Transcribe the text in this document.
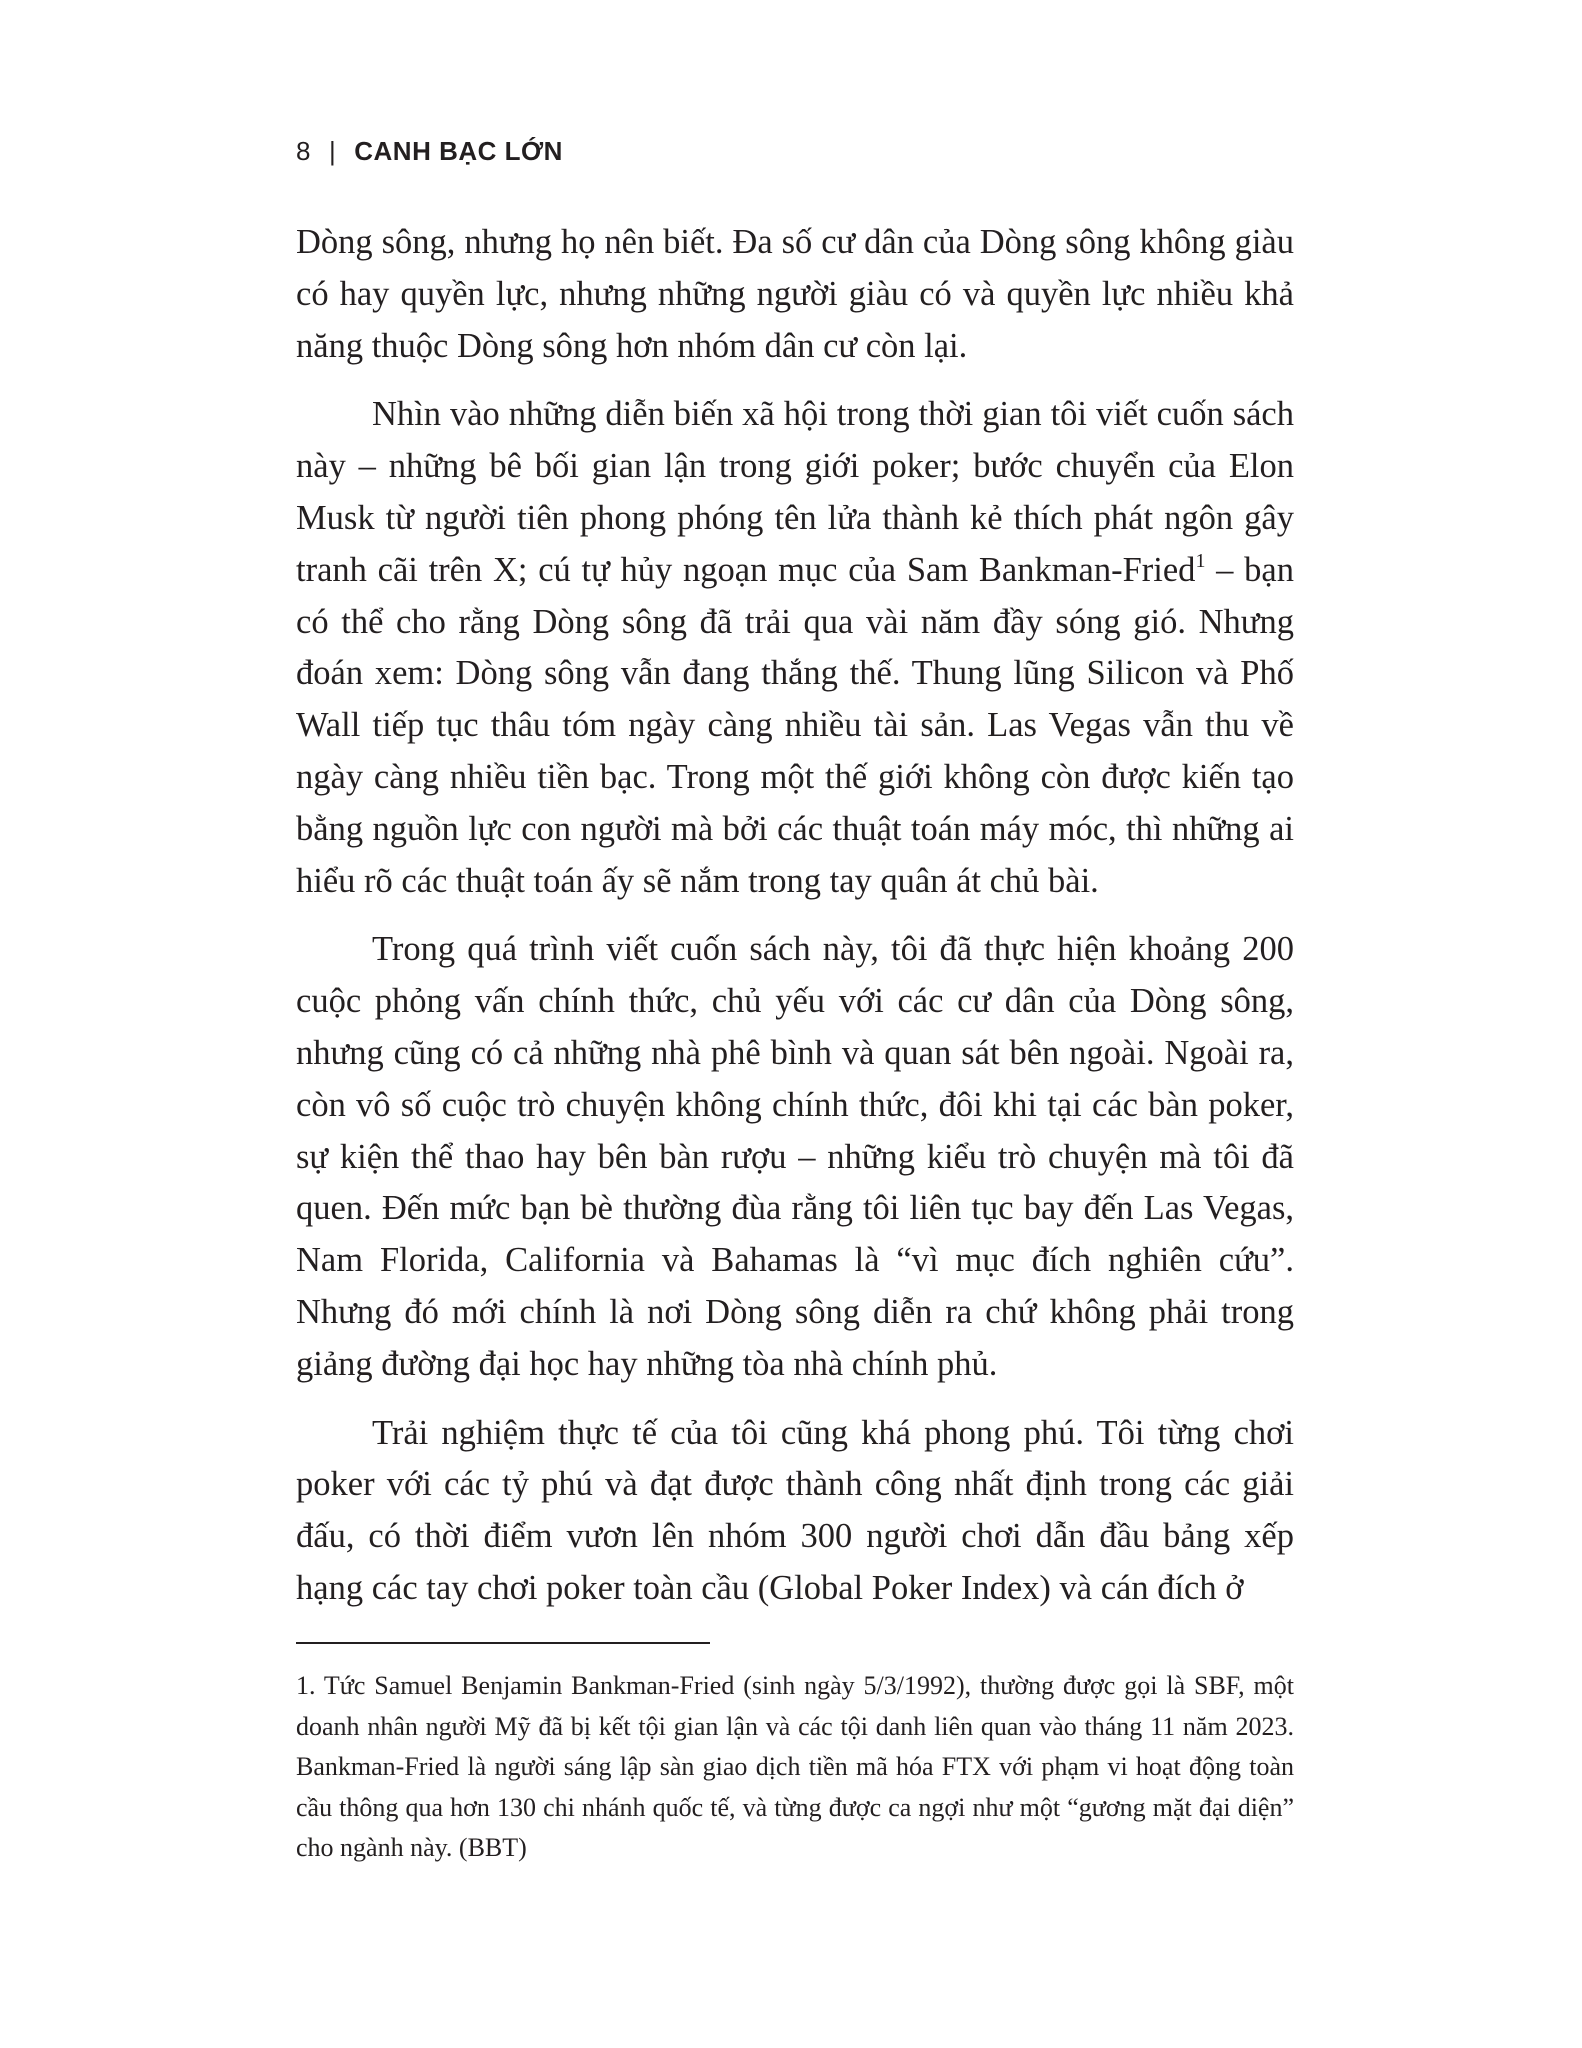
8 | CANH BẠC LỚN

Dòng sông, nhưng họ nên biết. Đa số cư dân của Dòng sông không giàu có hay quyền lực, nhưng những người giàu có và quyền lực nhiều khả năng thuộc Dòng sông hơn nhóm dân cư còn lại.

Nhìn vào những diễn biến xã hội trong thời gian tôi viết cuốn sách này – những bê bối gian lận trong giới poker; bước chuyển của Elon Musk từ người tiên phong phóng tên lửa thành kẻ thích phát ngôn gây tranh cãi trên X; cú tự hủy ngoạn mục của Sam Bankman-Fried$^1$ – bạn có thể cho rằng Dòng sông đã trải qua vài năm đầy sóng gió. Nhưng đoán xem: Dòng sông vẫn đang thắng thế. Thung lũng Silicon và Phố Wall tiếp tục thâu tóm ngày càng nhiều tài sản. Las Vegas vẫn thu về ngày càng nhiều tiền bạc. Trong một thế giới không còn được kiến tạo bằng nguồn lực con người mà bởi các thuật toán máy móc, thì những ai hiểu rõ các thuật toán ấy sẽ nắm trong tay quân át chủ bài.

Trong quá trình viết cuốn sách này, tôi đã thực hiện khoảng 200 cuộc phỏng vấn chính thức, chủ yếu với các cư dân của Dòng sông, nhưng cũng có cả những nhà phê bình và quan sát bên ngoài. Ngoài ra, còn vô số cuộc trò chuyện không chính thức, đôi khi tại các bàn poker, sự kiện thể thao hay bên bàn rượu – những kiểu trò chuyện mà tôi đã quen. Đến mức bạn bè thường đùa rằng tôi liên tục bay đến Las Vegas, Nam Florida, California và Bahamas là “vì mục đích nghiên cứu”. Nhưng đó mới chính là nơi Dòng sông diễn ra chứ không phải trong giảng đường đại học hay những tòa nhà chính phủ.

Trải nghiệm thực tế của tôi cũng khá phong phú. Tôi từng chơi poker với các tỷ phú và đạt được thành công nhất định trong các giải đấu, có thời điểm vươn lên nhóm 300 người chơi dẫn đầu bảng xếp hạng các tay chơi poker toàn cầu (Global Poker Index) và cán đích ở

1. Tức Samuel Benjamin Bankman-Fried (sinh ngày 5/3/1992), thường được gọi là SBF, một doanh nhân người Mỹ đã bị kết tội gian lận và các tội danh liên quan vào tháng 11 năm 2023. Bankman-Fried là người sáng lập sàn giao dịch tiền mã hóa FTX với phạm vi hoạt động toàn cầu thông qua hơn 130 chi nhánh quốc tế, và từng được ca ngợi như một “gương mặt đại diện” cho ngành này. (BBT)
